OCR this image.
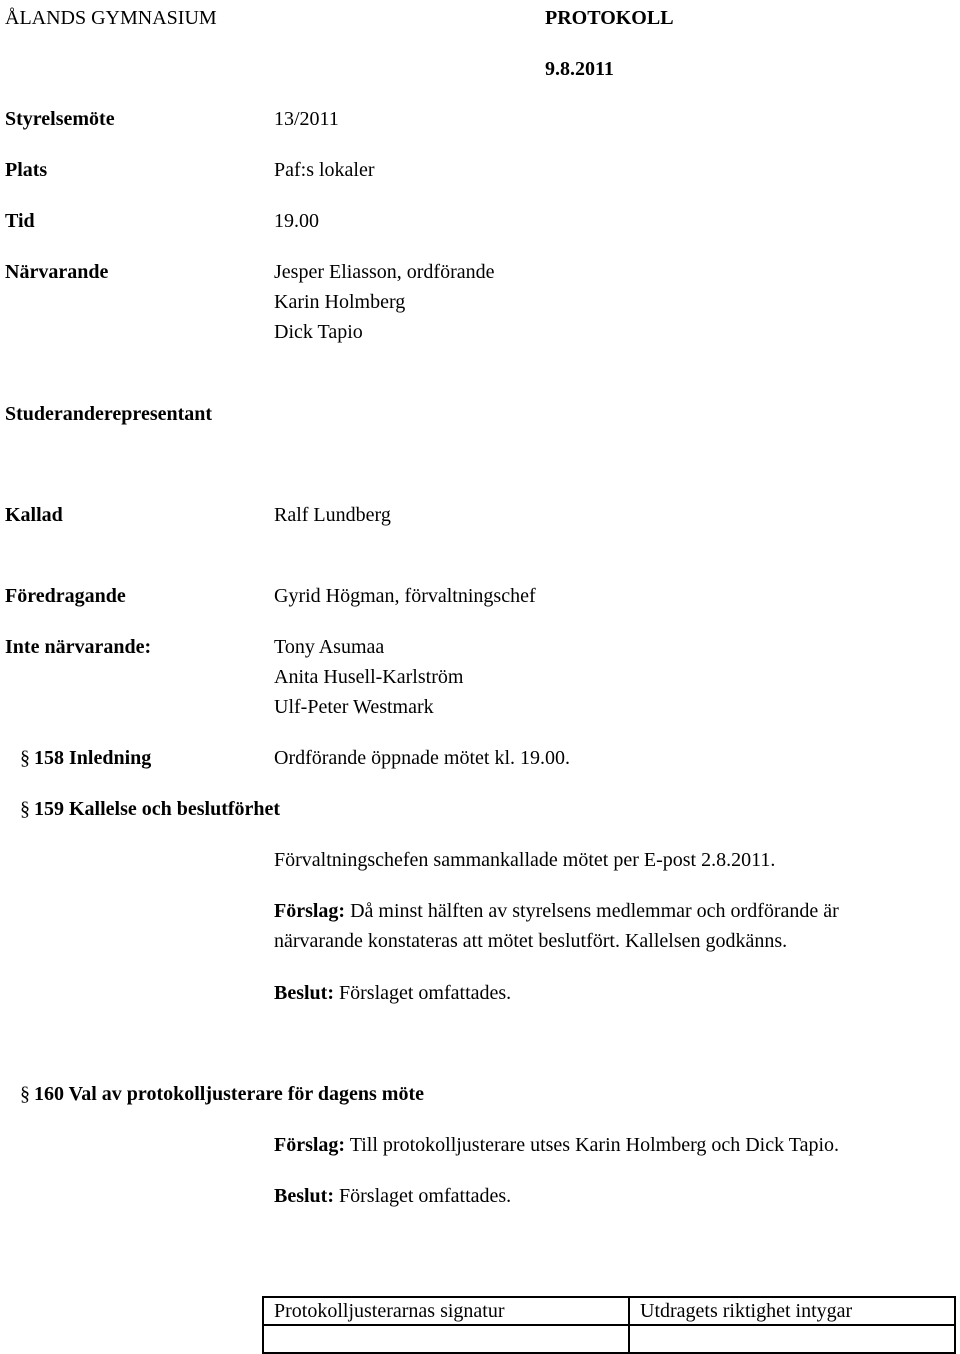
ÅLANDS GYMNASIUM	PROTOKOLL
9.8.2011
Styrelsemöte	13/2011
Plats	Paf:s lokaler
Tid	19.00
Närvarande	Jesper Eliasson, ordförande
Karin Holmberg
Dick Tapio
Studeranderepresentant
Kallad	Ralf Lundberg
Föredragande	Gyrid Högman, förvaltningschef
Inte närvarande:	Tony Asumaa
Anita Husell-Karlström
Ulf-Peter Westmark
§ 158 Inledning	Ordförande öppnade mötet kl. 19.00.
§ 159 Kallelse och beslutförhet
Förvaltningschefen sammankallade mötet per E-post 2.8.2011.
Förslag: Då minst hälften av styrelsens medlemmar och ordförande är
närvarande konstateras att mötet beslutfört. Kallelsen godkänns.
Beslut: Förslaget omfattades.
§ 160 Val av protokolljusterare för dagens möte
Förslag: Till protokolljusterare utses Karin Holmberg och Dick Tapio.
Beslut: Förslaget omfattades.
Protokolljusterarnas signatur	Utdragets riktighet intygar
